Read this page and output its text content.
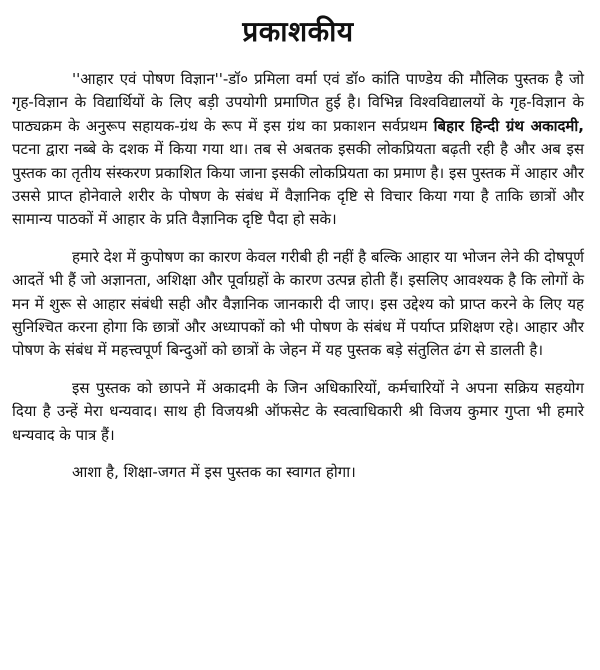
प्रकाशकीय

''आहार एवं पोषण विज्ञान''-डॉ० प्रमिला वर्मा एवं डॉ० कांति पाण्डेय की मौलिक पुस्तक है जो गृह-विज्ञान के विद्यार्थियों के लिए बड़ी उपयोगी प्रमाणित हुई है। विभिन्न विश्वविद्यालयों के गृह-विज्ञान के पाठ्यक्रम के अनुरूप सहायक-ग्रंथ के रूप में इस ग्रंथ का प्रकाशन सर्वप्रथम बिहार हिन्दी ग्रंथ अकादमी, पटना द्वारा नब्बे के दशक में किया गया था। तब से अबतक इसकी लोकप्रियता बढ़ती रही है और अब इस पुस्तक का तृतीय संस्करण प्रकाशित किया जाना इसकी लोकप्रियता का प्रमाण है। इस पुस्तक में आहार और उससे प्राप्त होनेवाले शरीर के पोषण के संबंध में वैज्ञानिक दृष्टि से विचार किया गया है ताकि छात्रों और सामान्य पाठकों में आहार के प्रति वैज्ञानिक दृष्टि पैदा हो सके।

हमारे देश में कुपोषण का कारण केवल गरीबी ही नहीं है बल्कि आहार या भोजन लेने की दोषपूर्ण आदतें भी हैं जो अज्ञानता, अशिक्षा और पूर्वाग्रहों के कारण उत्पन्न होती हैं। इसलिए आवश्यक है कि लोगों के मन में शुरू से आहार संबंधी सही और वैज्ञानिक जानकारी दी जाए। इस उद्देश्य को प्राप्त करने के लिए यह सुनिश्चित करना होगा कि छात्रों और अध्यापकों को भी पोषण के संबंध में पर्याप्त प्रशिक्षण रहे। आहार और पोषण के संबंध में महत्त्वपूर्ण बिन्दुओं को छात्रों के जेहन में यह पुस्तक बड़े संतुलित ढंग से डालती है।

इस पुस्तक को छापने में अकादमी के जिन अधिकारियों, कर्मचारियों ने अपना सक्रिय सहयोग दिया है उन्हें मेरा धन्यवाद। साथ ही विजयश्री ऑफसेट के स्वत्वाधिकारी श्री विजय कुमार गुप्ता भी हमारे धन्यवाद के पात्र हैं।

आशा है, शिक्षा-जगत में इस पुस्तक का स्वागत होगा।
